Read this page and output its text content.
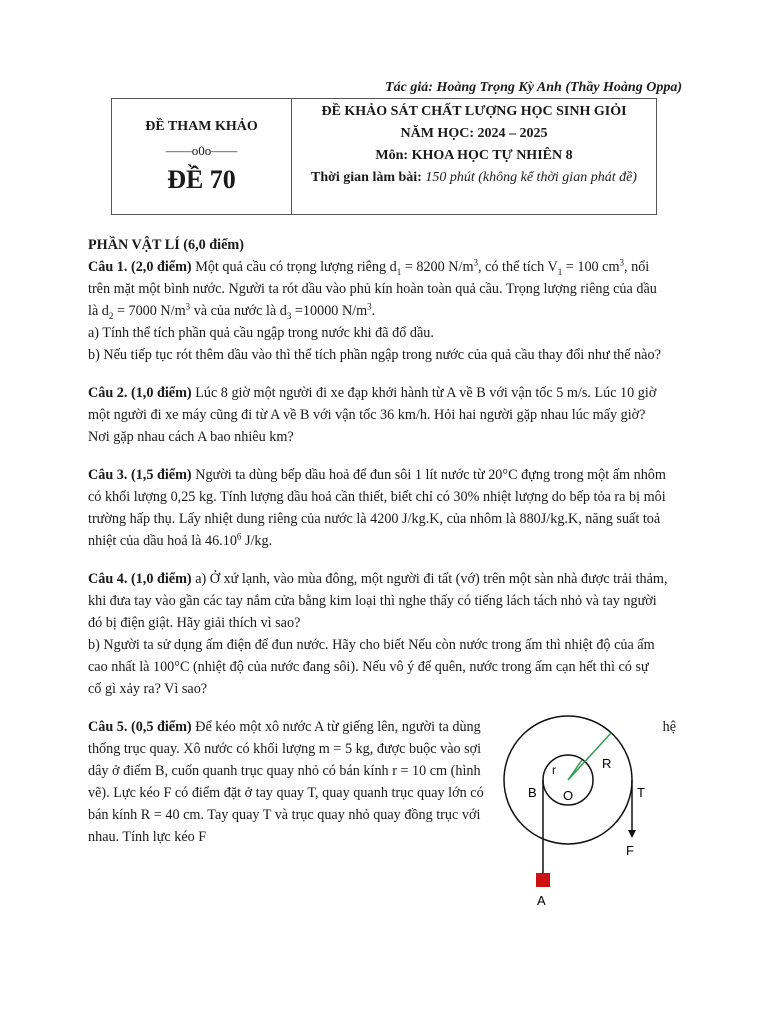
Tác giả: Hoàng Trọng Kỳ Anh (Thầy Hoàng Oppa)
ĐỀ THAM KHẢO
——o0o——
ĐỀ 70
ĐỀ KHẢO SÁT CHẤT LƯỢNG HỌC SINH GIỎI
NĂM HỌC: 2024 – 2025
Môn: KHOA HỌC TỰ NHIÊN 8
Thời gian làm bài: 150 phút (không kể thời gian phát đề)

PHẦN VẬT LÍ (6,0 điểm)

Câu 1. (2,0 điểm) Một quả cầu có trọng lượng riêng $d_1 = 8200$ $N/m^3$, có thể tích $V_1 = 100$ $cm^3$, nổi

trên mặt một bình nước. Người ta rót dầu vào phủ kín hoàn toàn quả cầu. Trọng lượng riêng của dầu

là $d_2 = 7000$ $N/m^3$ và của nước là $d_3 =10000$ $N/m^3$.

a) Tính thể tích phần quả cầu ngập trong nước khi đã đổ dầu.

b) Nếu tiếp tục rót thêm dầu vào thì thể tích phần ngập trong nước của quả cầu thay đổi như thế nào?

Câu 2. (1,0 điểm) Lúc 8 giờ một người đi xe đạp khởi hành từ A về B với vận tốc 5 m/s. Lúc 10 giờ

một người đi xe máy cũng đi từ A về B với vận tốc 36 km/h. Hỏi hai người gặp nhau lúc mấy giờ?

Nơi gặp nhau cách A bao nhiêu km?

Câu 3. (1,5 điểm) Người ta dùng bếp dầu hoả để đun sôi 1 lít nước từ 20°C đựng trong một ấm nhôm

có khối lượng 0,25 kg. Tính lượng dầu hoả cần thiết, biết chỉ có 30% nhiệt lượng do bếp tỏa ra bị môi

trường hấp thụ. Lấy nhiệt dung riêng của nước là 4200 J/kg.K, của nhôm là 880J/kg.K, năng suất toả

nhiệt của dầu hoả là 46.10$^6$ J/kg.

Câu 4. (1,0 điểm) a) Ở xứ lạnh, vào mùa đông, một người đi tất (vớ) trên một sàn nhà được trải thảm,

khi đưa tay vào gần các tay nắm cửa bằng kim loại thì nghe thấy có tiếng lách tách nhỏ và tay người

đó bị điện giật. Hãy giải thích vì sao?

b) Người ta sử dụng ấm điện để đun nước. Hãy cho biết Nếu còn nước trong ấm thì nhiệt độ của ấm

cao nhất là 100°C (nhiệt độ của nước đang sôi). Nếu vô ý để quên, nước trong ấm cạn hết thì có sự

cố gì xảy ra? Vì sao?

Câu 5. (0,5 điểm) Để kéo một xô nước A từ giếng lên, người ta dùng

thống trục quay. Xô nước có khối lượng m = 5 kg, được buộc vào sợi

dây ở điểm B, cuốn quanh trục quay nhỏ có bán kính r = 10 cm (hình

vẽ). Lực kéo F có điểm đặt ở tay quay T, quay quanh trục quay lớn có

bán kính R = 40 cm. Tay quay T và trục quay nhỏ quay đồng trục với

nhau. Tính lực kéo F

hệ
r	R
O
B	T
F
A
